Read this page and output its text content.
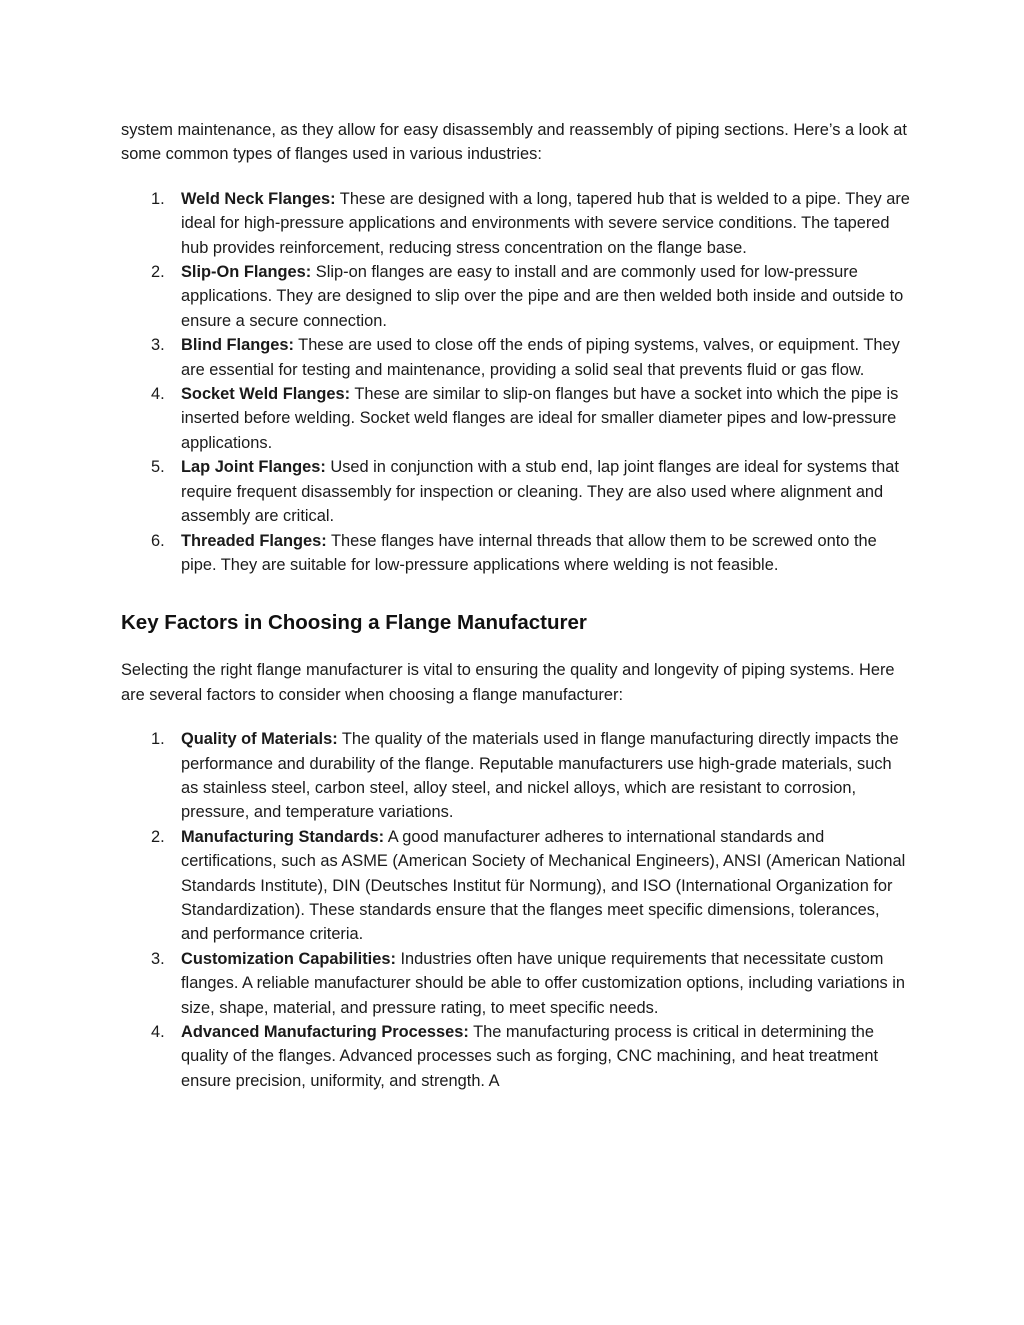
system maintenance, as they allow for easy disassembly and reassembly of piping sections. Here’s a look at some common types of flanges used in various industries:

1. Weld Neck Flanges: These are designed with a long, tapered hub that is welded to a pipe. They are ideal for high-pressure applications and environments with severe service conditions. The tapered hub provides reinforcement, reducing stress concentration on the flange base.
2. Slip-On Flanges: Slip-on flanges are easy to install and are commonly used for low-pressure applications. They are designed to slip over the pipe and are then welded both inside and outside to ensure a secure connection.
3. Blind Flanges: These are used to close off the ends of piping systems, valves, or equipment. They are essential for testing and maintenance, providing a solid seal that prevents fluid or gas flow.
4. Socket Weld Flanges: These are similar to slip-on flanges but have a socket into which the pipe is inserted before welding. Socket weld flanges are ideal for smaller diameter pipes and low-pressure applications.
5. Lap Joint Flanges: Used in conjunction with a stub end, lap joint flanges are ideal for systems that require frequent disassembly for inspection or cleaning. They are also used where alignment and assembly are critical.
6. Threaded Flanges: These flanges have internal threads that allow them to be screwed onto the pipe. They are suitable for low-pressure applications where welding is not feasible.
Key Factors in Choosing a Flange Manufacturer

Selecting the right flange manufacturer is vital to ensuring the quality and longevity of piping systems. Here are several factors to consider when choosing a flange manufacturer:

1. Quality of Materials: The quality of the materials used in flange manufacturing directly impacts the performance and durability of the flange. Reputable manufacturers use high-grade materials, such as stainless steel, carbon steel, alloy steel, and nickel alloys, which are resistant to corrosion, pressure, and temperature variations.
2. Manufacturing Standards: A good manufacturer adheres to international standards and certifications, such as ASME (American Society of Mechanical Engineers), ANSI (American National Standards Institute), DIN (Deutsches Institut für Normung), and ISO (International Organization for Standardization). These standards ensure that the flanges meet specific dimensions, tolerances, and performance criteria.
3. Customization Capabilities: Industries often have unique requirements that necessitate custom flanges. A reliable manufacturer should be able to offer customization options, including variations in size, shape, material, and pressure rating, to meet specific needs.
4. Advanced Manufacturing Processes: The manufacturing process is critical in determining the quality of the flanges. Advanced processes such as forging, CNC machining, and heat treatment ensure precision, uniformity, and strength. A
